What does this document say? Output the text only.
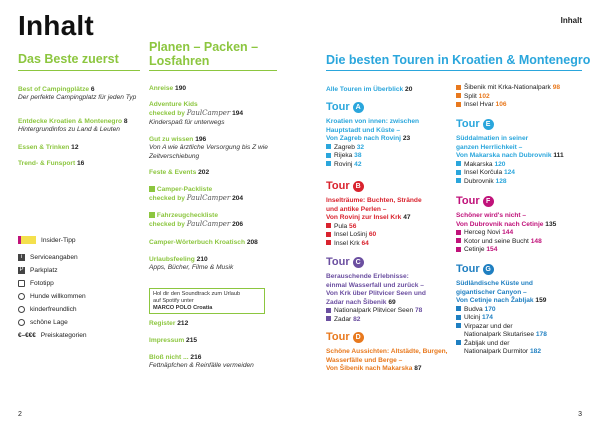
Inhalt	Inhalt
Das Beste zuerst
Best of Campingplätze 6
Der perfekte Campingplatz für jeden Typ
Entdecke Kroatien & Montenegro 8
Hintergrundinfos zu Land & Leuten
Essen & Trinken 12
Trend- & Funsport 16
Insider-Tipp
i	Serviceangaben
P Parkplatz
Fototipp
Hunde willkommen
kinderfreundlich
schöne Lage
€–€€€ Preiskategorien
Planen – Packen –
Losfahren
Anreise 190
Adventure Kids
checked by PaulCamper 194
Kinderspaß für unterwegs
Gut zu wissen 196
Von A wie ärztliche Versorgung bis Z wie Zeitverschiebung
Feste & Events 202
Camper-Packliste
checked by PaulCamper 204
Fahrzeugcheckliste
checked by PaulCamper 206
Camper-Wörterbuch Kroatisch 208
Urlaubsfeeling 210
Apps, Bücher, Filme & Musik
Hol dir den Soundtrack zum Urlaub
auf Spotify unter
MARCO POLO Croatia
Register 212
Impressum 215
Bloß nicht ... 216
Fettnäpfchen & Reinfälle vermeiden
Die besten Touren in Kroatien & Montenegro
Alle Touren im Überblick 20
Tour A
Kroatien von innen: zwischen
Hauptstadt und Küste –
Von Zagreb nach Rovinj 23
Zagreb 32
Rijeka 38
Rovinj 42
Tour B
Inselträume: Buchten, Strände
und antike Perlen –
Von Rovinj zur Insel Krk 47
Pula 56
Insel Lošinj 60
Insel Krk 64
Tour C
Berauschende Erlebnisse:
einmal Wasserfall und zurück –
Von Krk über Plitvicer Seen und
Zadar nach Šibenik 69
Nationalpark Plitvicer Seen 78
Zadar 82
Tour D
Schöne Aussichten: Altstädte, Burgen,
Wasserfälle und Berge –
Von Šibenik nach Makarska 87
Šibenik mit Krka-Nationalpark 98
Split 102
Insel Hvar 106
Tour E
Süddalmatien in seiner
ganzen Herrlichkeit –
Von Makarska nach Dubrovnik 111
Makarska 120
Insel Korčula 124
Dubrovnik 128
Tour F
Schöner wird's nicht –
Von Dubrovnik nach Cetinje 135
Herceg Novi 144
Kotor und seine Bucht 148
Cetinje 154
Tour G
Südländische Küste und
gigantischer Canyon –
Von Cetinje nach Žabljak 159
Budva 170
Ulcinj 174
Virpazar und der
Nationalpark Skutarisee 178
Žabljak und der
Nationalpark Durmitor 182
2	3
